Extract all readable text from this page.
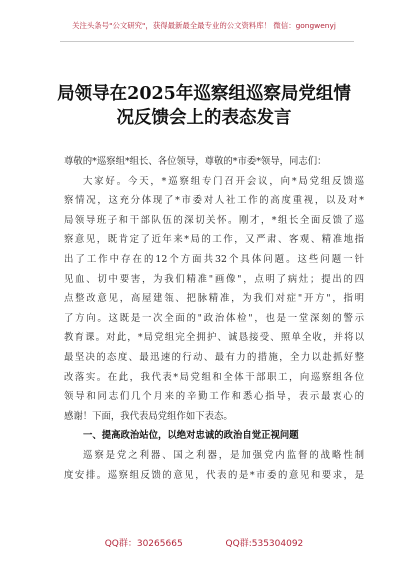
关注头条号"公文研究"，获得最新最全最专业的公文资料库！ 微信：gongwenyj
局领导在2025年巡察组巡察局党组情
况反馈会上的表态发言
尊敬的*巡察组*组长、各位领导，尊敬的*市委*领导，同志们：
大家好。今天，*巡察组专门召开会议，向*局党组反馈巡
察情况，这充分体现了*市委对人社工作的高度重视，以及对*
局领导班子和干部队伍的深切关怀。刚才，*组长全面反馈了巡
察意见，既肯定了近年来*局的工作，又严肃、客观、精准地指
出了工作中存在的12个方面共32个具体问题。这些问题一针
见血、切中要害，为我们精准"画像"，点明了病灶；提出的四
点整改意见，高屋建瓴、把脉精准，为我们对症"开方"，指明
了方向。这既是一次全面的"政治体检"，也是一堂深刻的警示
教育课。对此，*局党组完全拥护、诚恳接受、照单全收，并将以
最坚决的态度、最迅速的行动、最有力的措施，全力以赴抓好整
改落实。在此，我代表*局党组和全体干部职工，向巡察组各位
领导和同志们几个月来的辛勤工作和悉心指导，表示最衷心的
感谢！下面，我代表局党组作如下表态。
一、提高政治站位，以绝对忠诚的政治自觉正视问题
巡察是党之利器、国之利器，是加强党内监督的战略性制
度安排。巡察组反馈的意见，代表的是*市委的意见和要求，是
QQ群：30265665	QQ群:535304092
